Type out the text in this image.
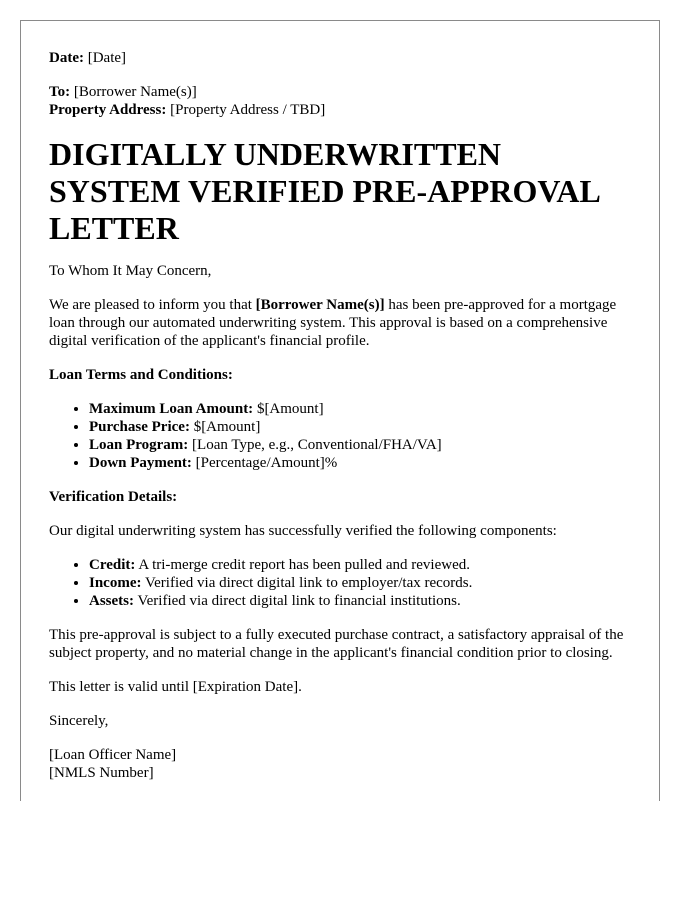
Date: [Date]
To: [Borrower Name(s)]
Property Address: [Property Address / TBD]
DIGITALLY UNDERWRITTEN SYSTEM VERIFIED PRE-APPROVAL LETTER

To Whom It May Concern,

We are pleased to inform you that [Borrower Name(s)] has been pre-approved for a mortgage loan through our automated underwriting system. This approval is based on a comprehensive digital verification of the applicant's financial profile.

Loan Terms and Conditions:

• Maximum Loan Amount: $[Amount]
• Purchase Price: $[Amount]
• Loan Program: [Loan Type, e.g., Conventional/FHA/VA]
• Down Payment: [Percentage/Amount]%

Verification Details:

Our digital underwriting system has successfully verified the following components:

• Credit: A tri-merge credit report has been pulled and reviewed.
• Income: Verified via direct digital link to employer/tax records.
• Assets: Verified via direct digital link to financial institutions.

This pre-approval is subject to a fully executed purchase contract, a satisfactory appraisal of the subject property, and no material change in the applicant's financial condition prior to closing.

This letter is valid until [Expiration Date].

Sincerely,

[Loan Officer Name]
[NMLS Number]
